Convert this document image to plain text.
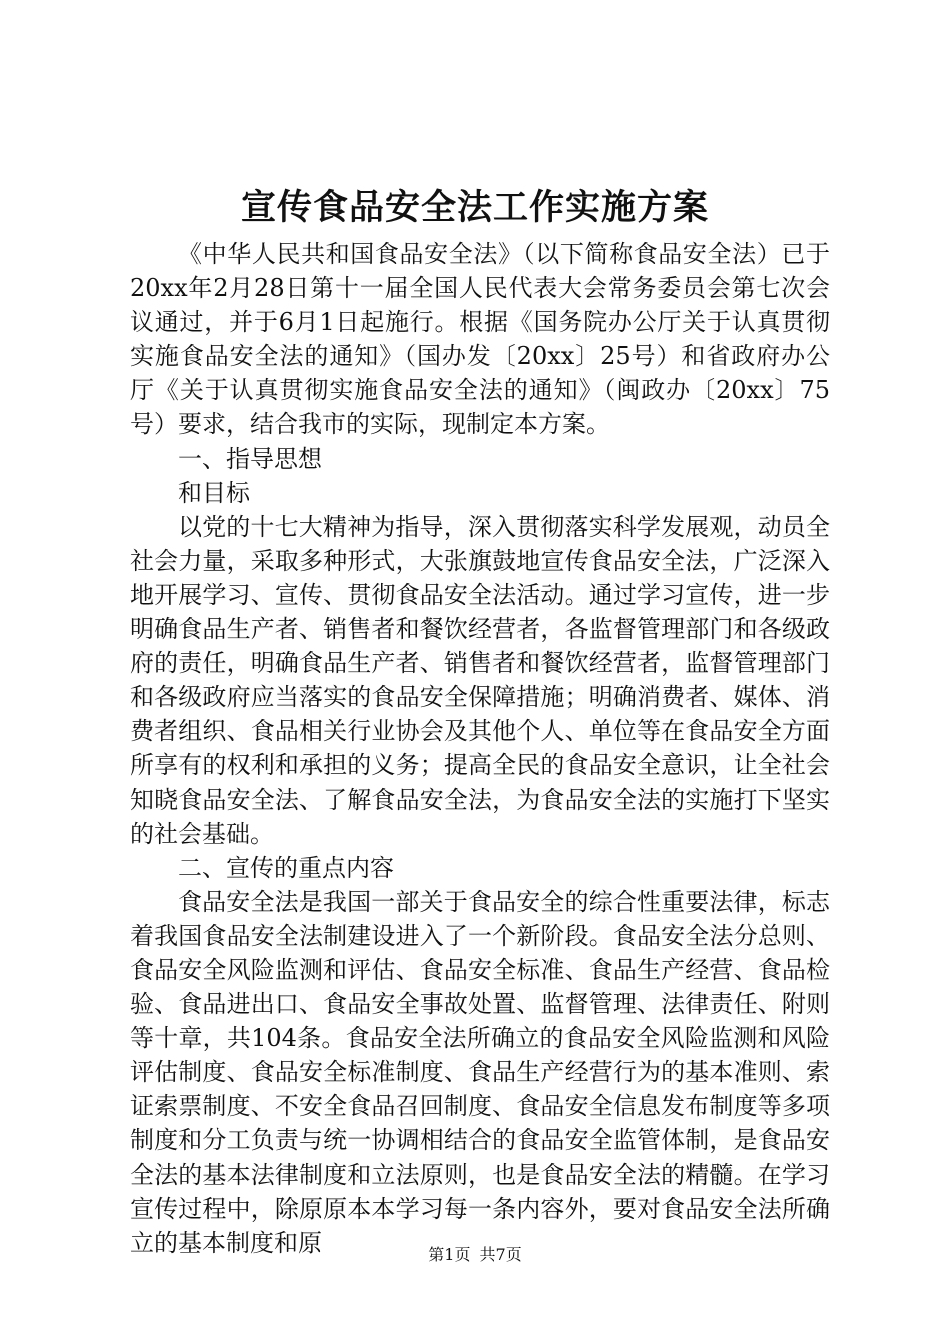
宣传食品安全法工作实施方案

《中华人民共和国食品安全法》（以下简称食品安全法）已于20xx年2月28日第十一届全国人民代表大会常务委员会第七次会议通过，并于6月1日起施行。根据《国务院办公厅关于认真贯彻实施食品安全法的通知》（国办发〔20xx〕25号）和省政府办公厅《关于认真贯彻实施食品安全法的通知》（闽政办〔20xx〕75号）要求，结合我市的实际，现制定本方案。

一、指导思想

和目标

以党的十七大精神为指导，深入贯彻落实科学发展观，动员全社会力量，采取多种形式，大张旗鼓地宣传食品安全法，广泛深入地开展学习、宣传、贯彻食品安全法活动。通过学习宣传，进一步明确食品生产者、销售者和餐饮经营者，各监督管理部门和各级政府的责任，明确食品生产者、销售者和餐饮经营者，监督管理部门和各级政府应当落实的食品安全保障措施；明确消费者、媒体、消费者组织、食品相关行业协会及其他个人、单位等在食品安全方面所享有的权利和承担的义务；提高全民的食品安全意识，让全社会知晓食品安全法、了解食品安全法，为食品安全法的实施打下坚实的社会基础。

二、宣传的重点内容

食品安全法是我国一部关于食品安全的综合性重要法律，标志着我国食品安全法制建设进入了一个新阶段。食品安全法分总则、食品安全风险监测和评估、食品安全标准、食品生产经营、食品检验、食品进出口、食品安全事故处置、监督管理、法律责任、附则等十章，共104条。食品安全法所确立的食品安全风险监测和风险评估制度、食品安全标准制度、食品生产经营行为的基本准则、索证索票制度、不安全食品召回制度、食品安全信息发布制度等多项制度和分工负责与统一协调相结合的食品安全监管体制，是食品安全法的基本法律制度和立法原则，也是食品安全法的精髓。在学习宣传过程中，除原原本本学习每一条内容外，要对食品安全法所确立的基本制度和原	第1页 共7页
